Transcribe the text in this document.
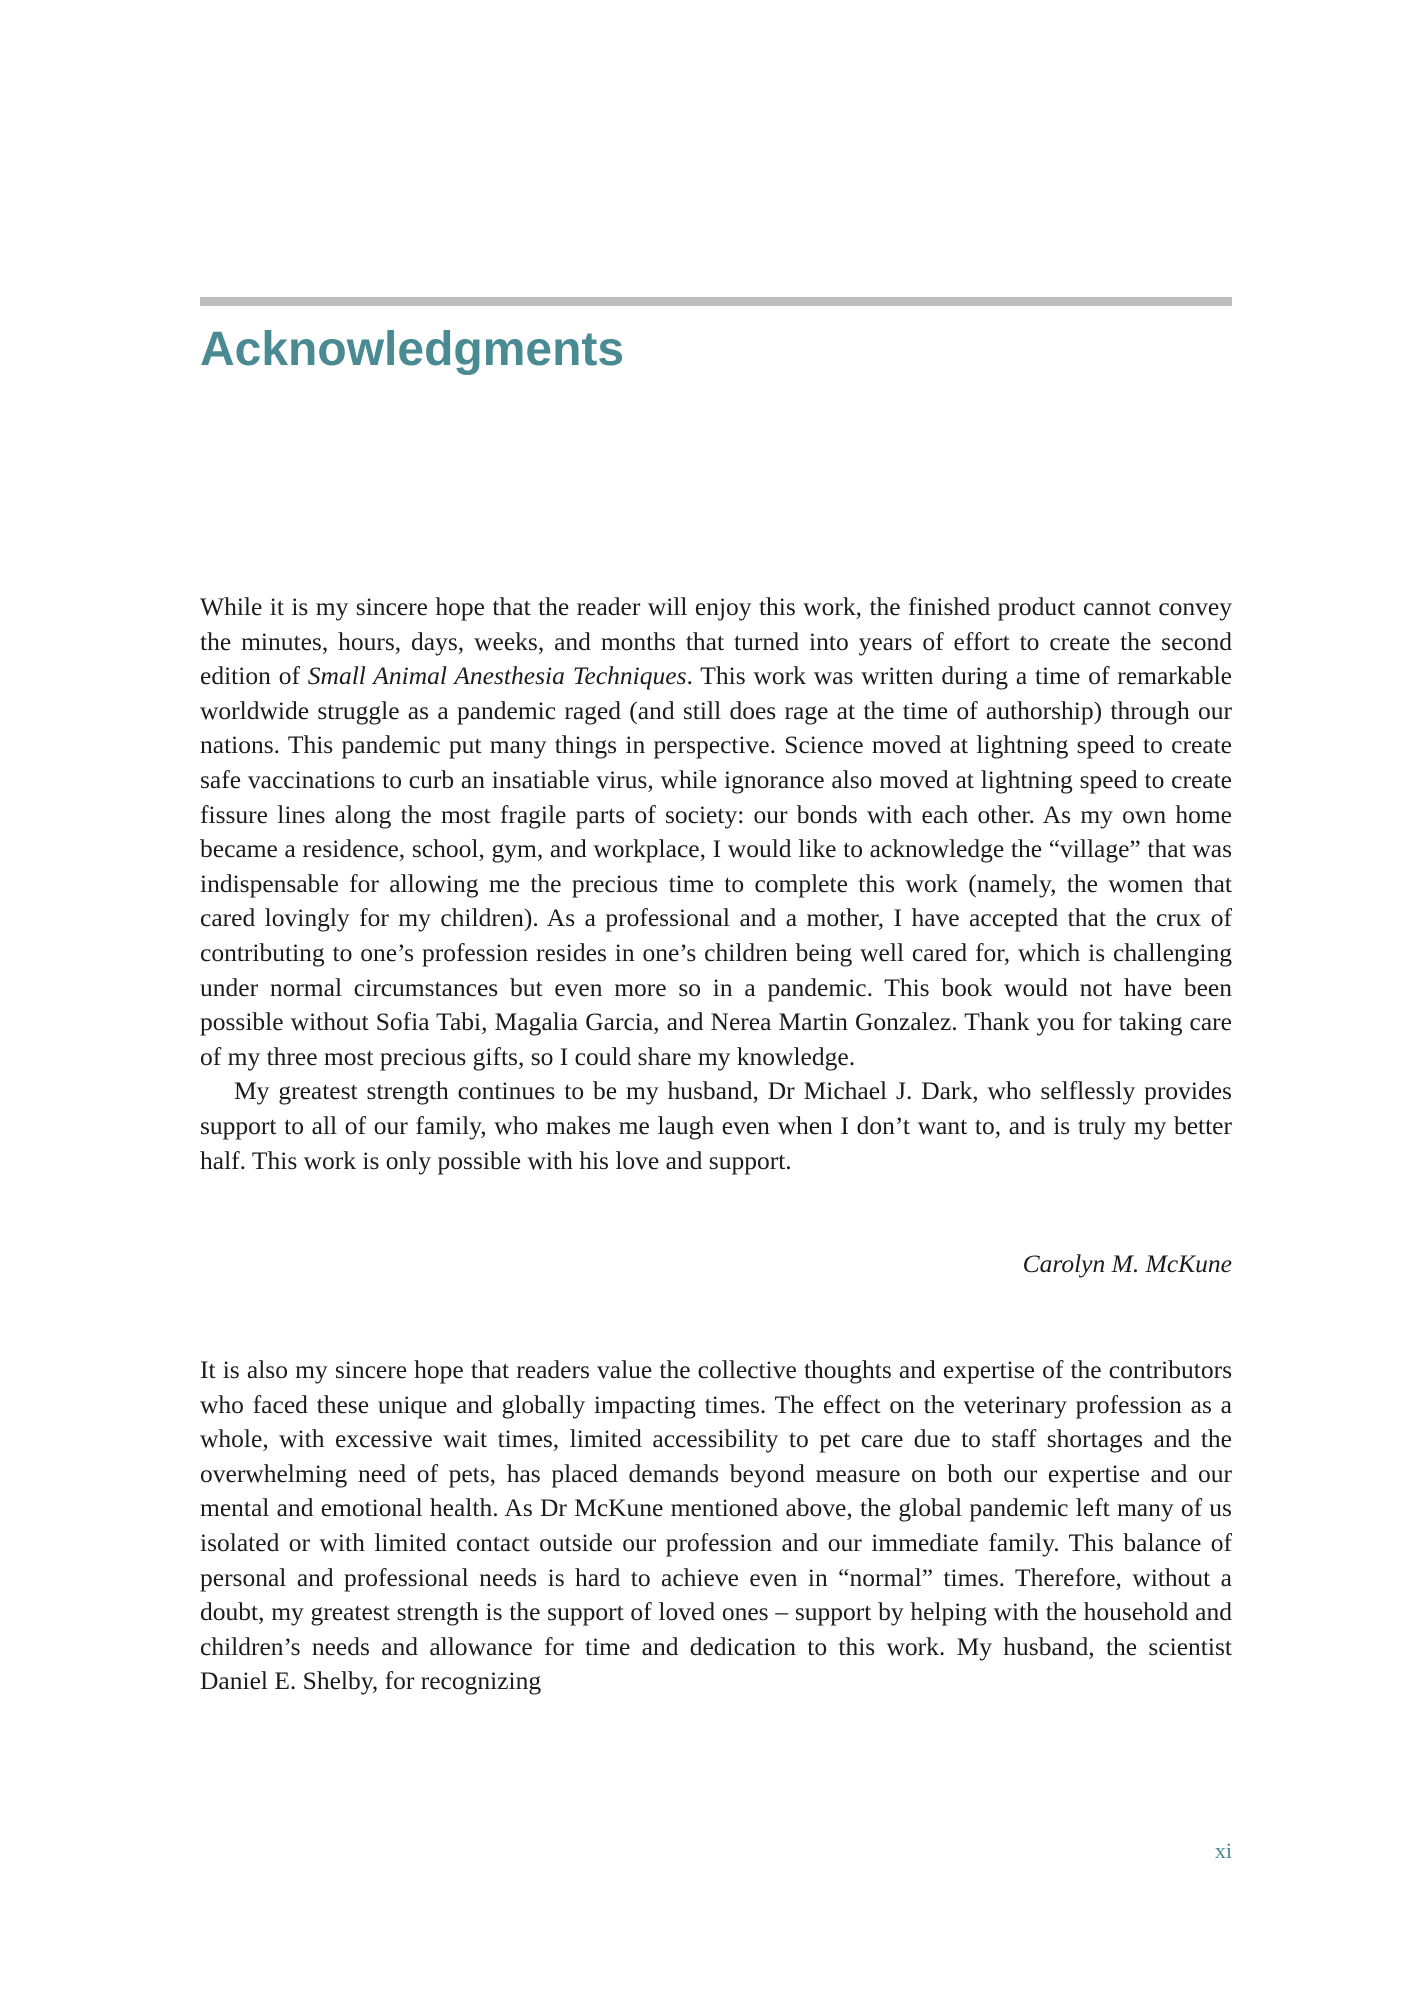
Acknowledgments

While it is my sincere hope that the reader will enjoy this work, the finished product cannot convey the minutes, hours, days, weeks, and months that turned into years of effort to create the second edition of Small Animal Anesthesia Techniques. This work was written during a time of remarkable worldwide struggle as a pandemic raged (and still does rage at the time of authorship) through our nations. This pandemic put many things in perspective. Science moved at lightning speed to create safe vaccinations to curb an insatiable virus, while ignorance also moved at lightning speed to create fissure lines along the most fragile parts of society: our bonds with each other. As my own home became a residence, school, gym, and workplace, I would like to acknowledge the “village” that was indispensable for allowing me the precious time to complete this work (namely, the women that cared lovingly for my children). As a professional and a mother, I have accepted that the crux of contributing to one’s profession resides in one’s children being well cared for, which is challenging under normal circumstances but even more so in a pandemic. This book would not have been possible without Sofia Tabi, Magalia Garcia, and Nerea Martin Gonzalez. Thank you for taking care of my three most precious gifts, so I could share my knowledge.

My greatest strength continues to be my husband, Dr Michael J. Dark, who selflessly provides support to all of our family, who makes me laugh even when I don’t want to, and is truly my better half. This work is only possible with his love and support.

Carolyn M. McKune

It is also my sincere hope that readers value the collective thoughts and expertise of the contributors who faced these unique and globally impacting times. The effect on the veterinary profession as a whole, with excessive wait times, limited accessibility to pet care due to staff shortages and the overwhelming need of pets, has placed demands beyond measure on both our expertise and our mental and emotional health. As Dr McKune mentioned above, the global pandemic left many of us isolated or with limited contact outside our profession and our immediate family. This balance of personal and professional needs is hard to achieve even in “normal” times. Therefore, without a doubt, my greatest strength is the support of loved ones – support by helping with the household and children’s needs and allowance for time and dedication to this work. My husband, the scientist Daniel E. Shelby, for recognizing

xi
